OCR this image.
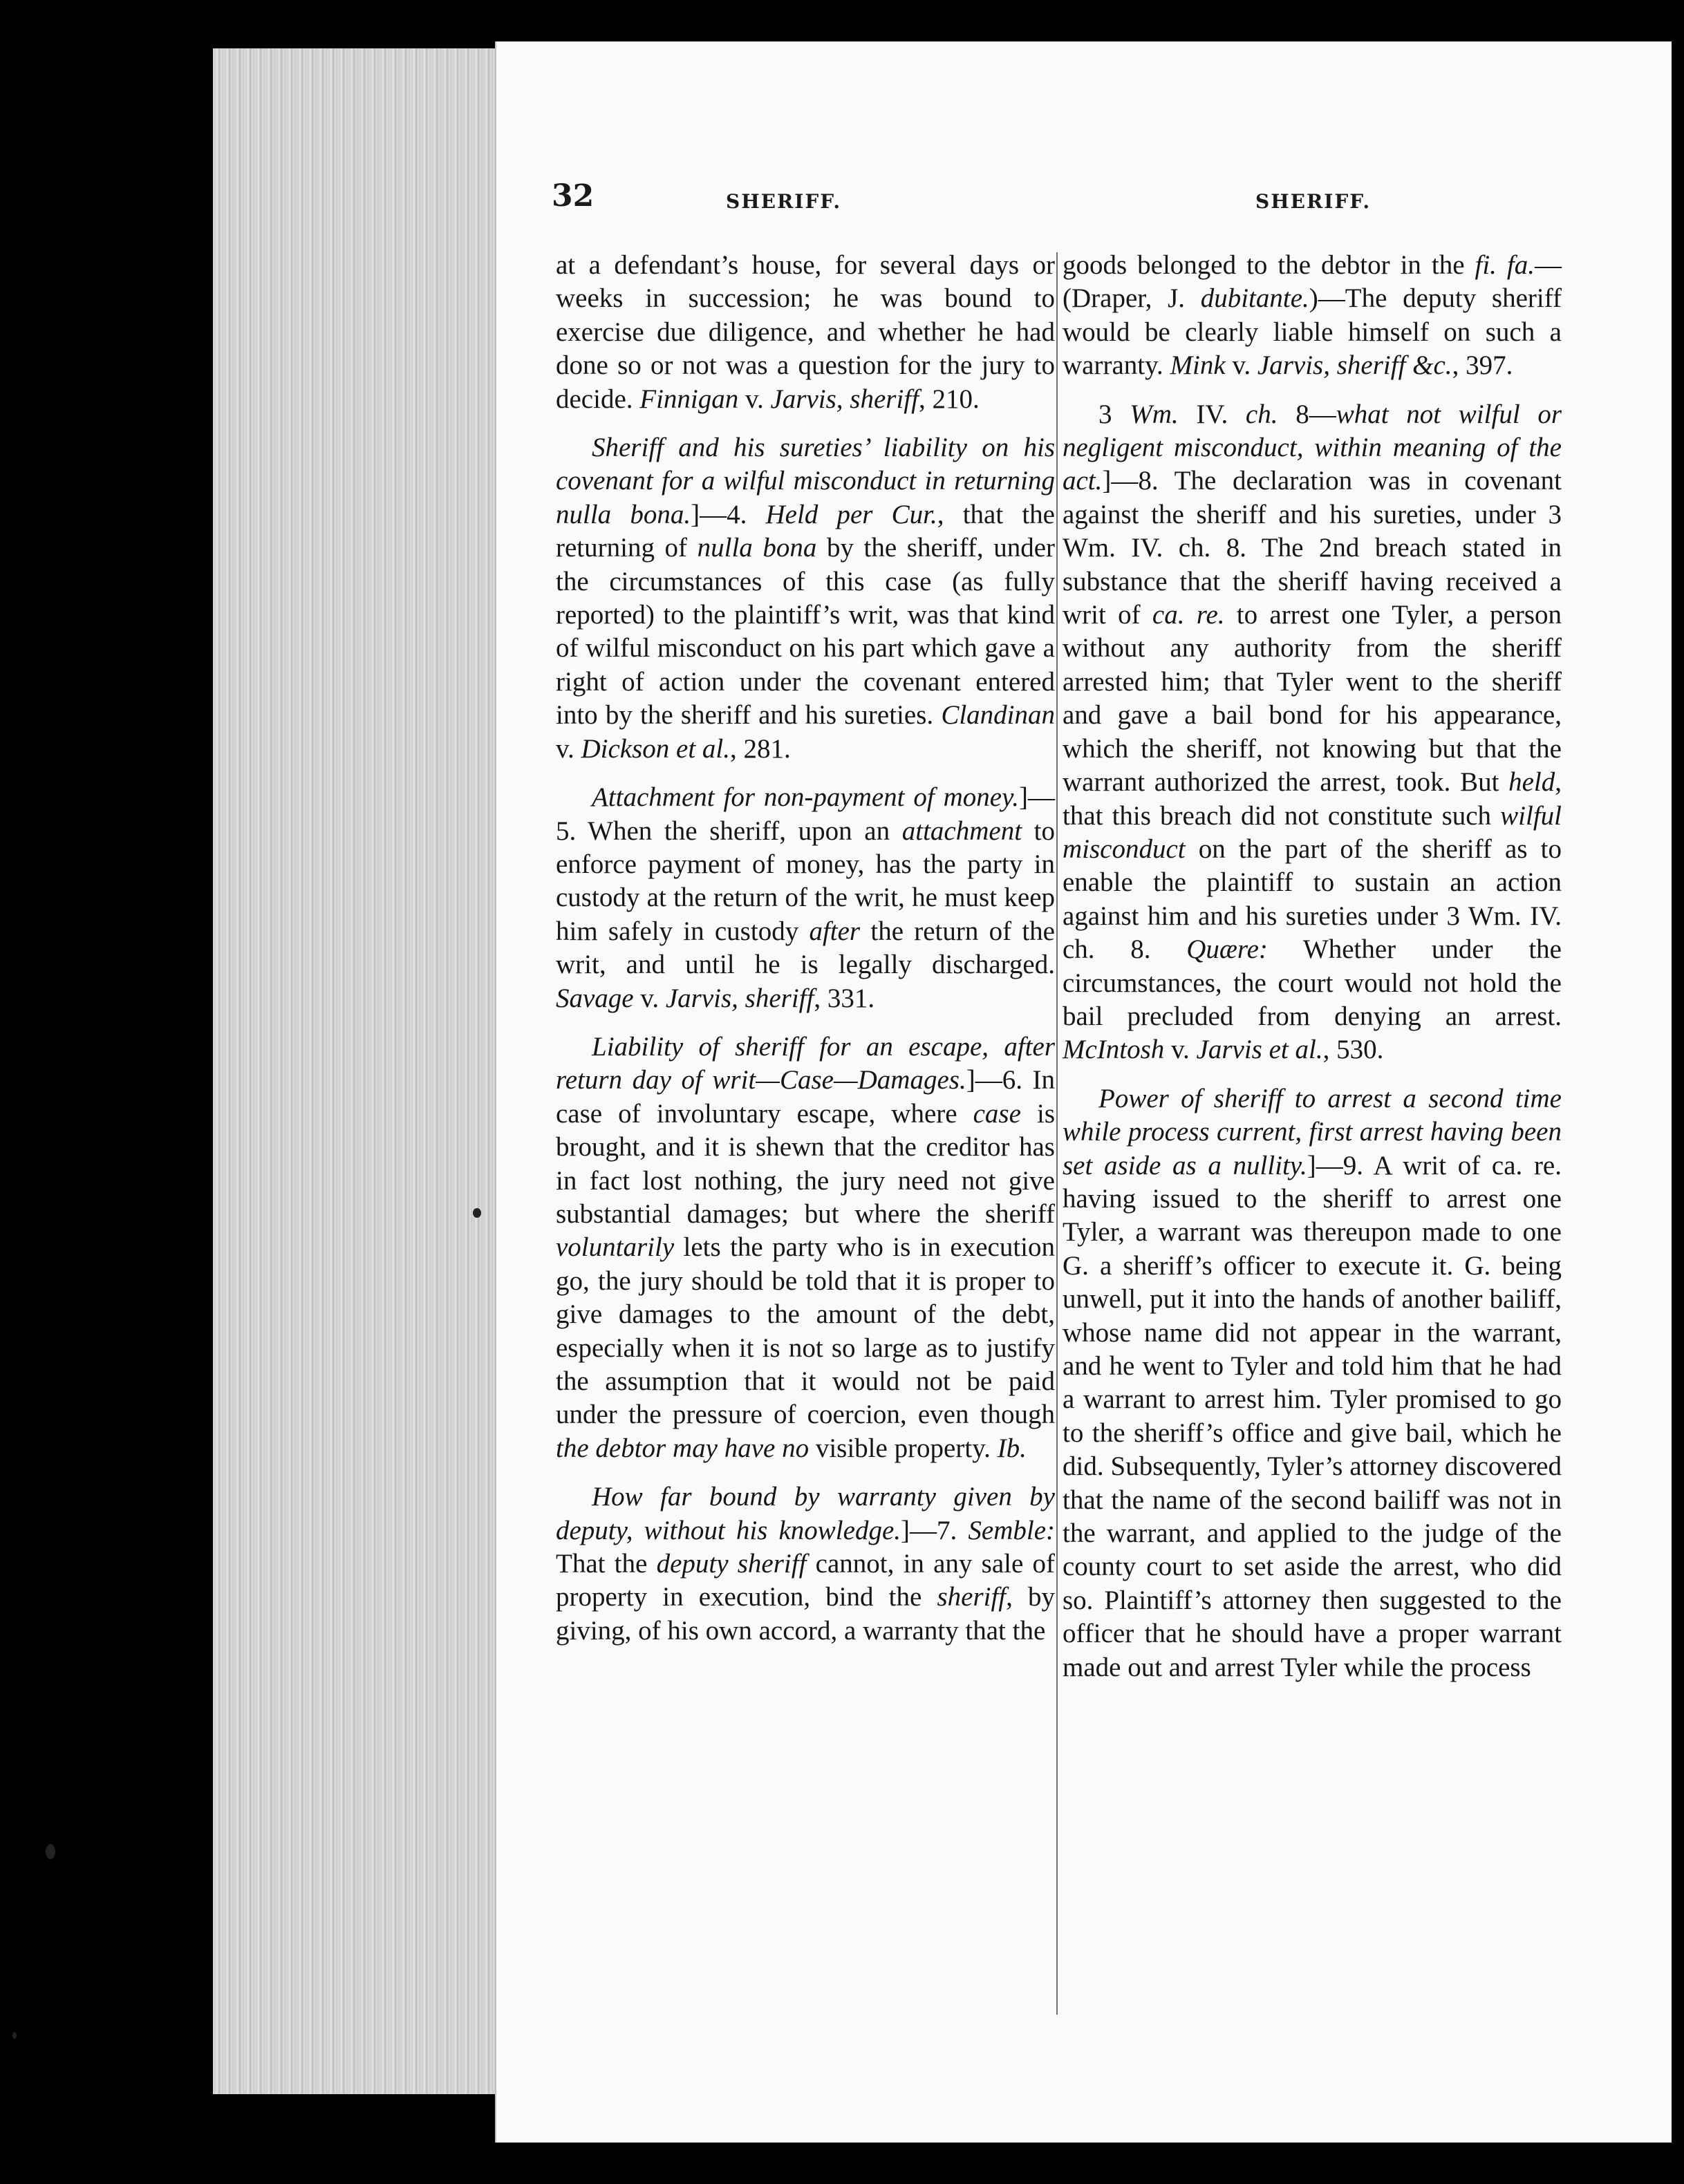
32	SHERIFF.	SHERIFF.

at a defendant’s house, for several days or weeks in succession; he was bound to exercise due diligence, and whether he had done so or not was a question for the jury to decide. Finnigan v. Jarvis, sheriff, 210.

Sheriff and his sureties’ liability on his covenant for a wilful misconduct in returning nulla bona.]—4. Held per Cur., that the returning of nulla bona by the sheriff, under the circumstances of this case (as fully reported) to the plaintiff’s writ, was that kind of wilful misconduct on his part which gave a right of action under the covenant entered into by the sheriff and his sureties. Clandinan v. Dickson et al., 281.

Attachment for non-payment of money.]—5. When the sheriff, upon an attachment to enforce payment of money, has the party in custody at the return of the writ, he must keep him safely in custody after the return of the writ, and until he is legally discharged. Savage v. Jarvis, sheriff, 331.

Liability of sheriff for an escape, after return day of writ—Case—Damages.]—6. In case of involuntary escape, where case is brought, and it is shewn that the creditor has in fact lost nothing, the jury need not give substantial damages; but where the sheriff voluntarily lets the party who is in execution go, the jury should be told that it is proper to give damages to the amount of the debt, especially when it is not so large as to justify the assumption that it would not be paid under the pressure of coercion, even though the debtor may have no visible property. Ib.

How far bound by warranty given by deputy, without his knowledge.]—7. Semble: That the deputy sheriff cannot, in any sale of property in execution, bind the sheriff, by giving, of his own accord, a warranty that the

goods belonged to the debtor in the fi. fa.—(Draper, J. dubitante.)—The deputy sheriff would be clearly liable himself on such a warranty. Mink v. Jarvis, sheriff &c., 397.

3 Wm. IV. ch. 8—what not wilful or negligent misconduct, within meaning of the act.]—8. The declaration was in covenant against the sheriff and his sureties, under 3 Wm. IV. ch. 8. The 2nd breach stated in substance that the sheriff having received a writ of ca. re. to arrest one Tyler, a person without any authority from the sheriff arrested him; that Tyler went to the sheriff and gave a bail bond for his appearance, which the sheriff, not knowing but that the warrant authorized the arrest, took. But held, that this breach did not constitute such wilful misconduct on the part of the sheriff as to enable the plaintiff to sustain an action against him and his sureties under 3 Wm. IV. ch. 8. Quære: Whether under the circumstances, the court would not hold the bail precluded from denying an arrest. McIntosh v. Jarvis et al., 530.

Power of sheriff to arrest a second time while process current, first arrest having been set aside as a nullity.]—9. A writ of ca. re. having issued to the sheriff to arrest one Tyler, a warrant was thereupon made to one G. a sheriff’s officer to execute it. G. being unwell, put it into the hands of another bailiff, whose name did not appear in the warrant, and he went to Tyler and told him that he had a warrant to arrest him. Tyler promised to go to the sheriff’s office and give bail, which he did. Subsequently, Tyler’s attorney discovered that the name of the second bailiff was not in the warrant, and applied to the judge of the county court to set aside the arrest, who did so. Plaintiff’s attorney then suggested to the officer that he should have a proper warrant made out and arrest Tyler while the process
